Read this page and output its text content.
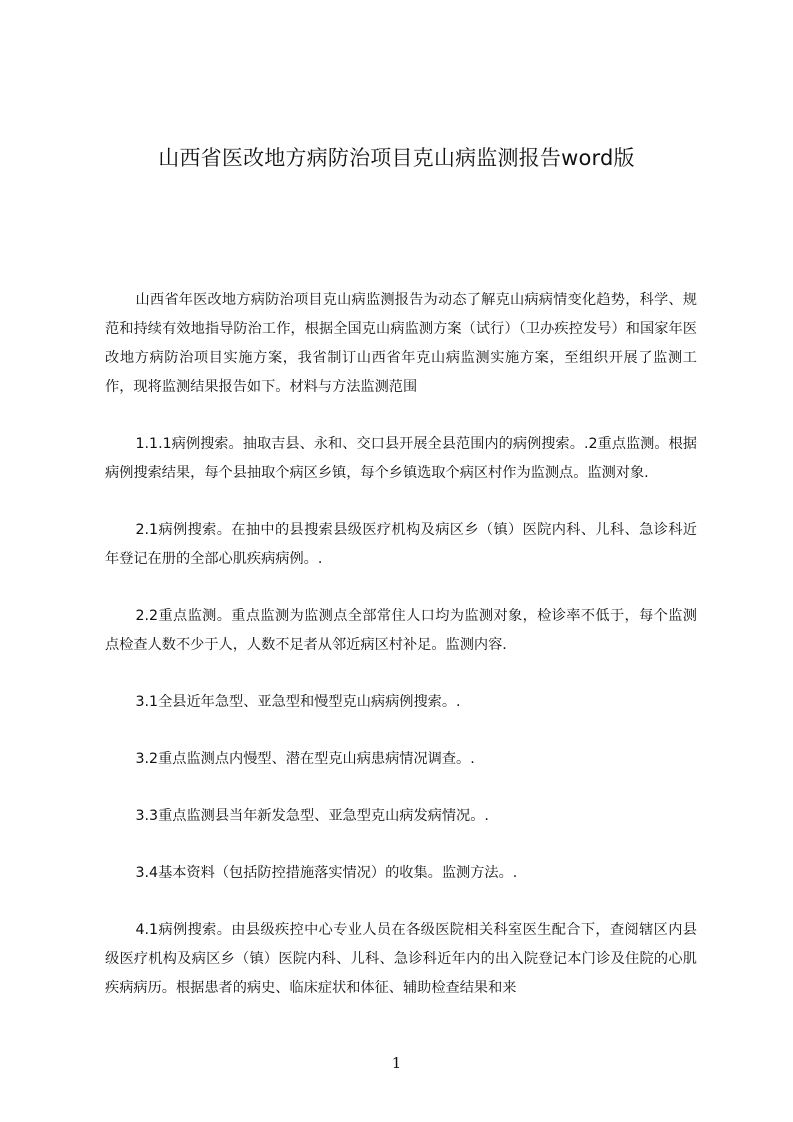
山西省医改地方病防治项目克山病监测报告word版

山西省年医改地方病防治项目克山病监测报告为动态了解克山病病情变化趋势，科学、规范和持续有效地指导防治工作，根据全国克山病监测方案（试行）（卫办疾控发号）和国家年医改地方病防治项目实施方案，我省制订山西省年克山病监测实施方案，至组织开展了监测工作，现将监测结果报告如下。材料与方法监测范围

1.1.1病例搜索。抽取吉县、永和、交口县开展全县范围内的病例搜索。.2重点监测。根据病例搜索结果，每个县抽取个病区乡镇，每个乡镇选取个病区村作为监测点。监测对象.

2.1病例搜索。在抽中的县搜索县级医疗机构及病区乡（镇）医院内科、儿科、急诊科近年登记在册的全部心肌疾病病例。.

2.2重点监测。重点监测为监测点全部常住人口均为监测对象，检诊率不低于，每个监测点检查人数不少于人，人数不足者从邻近病区村补足。监测内容.

3.1全县近年急型、亚急型和慢型克山病病例搜索。.

3.2重点监测点内慢型、潜在型克山病患病情况调查。.

3.3重点监测县当年新发急型、亚急型克山病发病情况。.

3.4基本资料（包括防控措施落实情况）的收集。监测方法。.

4.1病例搜索。由县级疾控中心专业人员在各级医院相关科室医生配合下，查阅辖区内县级医疗机构及病区乡（镇）医院内科、儿科、急诊科近年内的出入院登记本门诊及住院的心肌疾病病历。根据患者的病史、临床症状和体征、辅助检查结果和来

1
